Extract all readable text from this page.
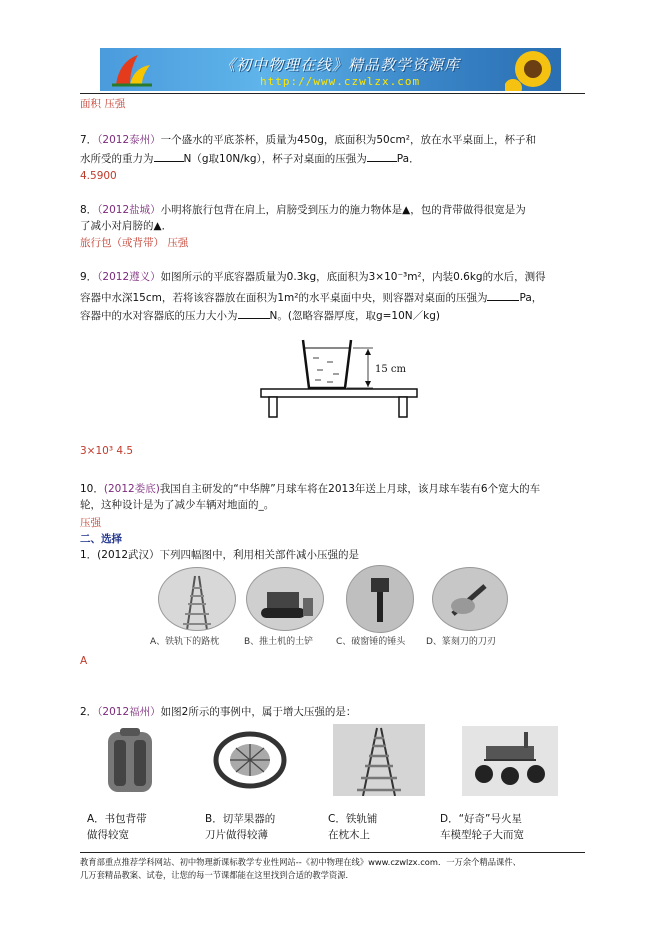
《初中物理在线》精品教学资源库
http://www.czwlzx.com
面积 压强
7．（2012泰州）一个盛水的平底茶杯，质量为450g，底面积为50cm²，放在水平桌面上，杯子和
水所受的重力为	N（g取10N/kg），杯子对桌面的压强为	Pa．
4.5900
8．（2012盐城）小明将旅行包背在肩上，肩膀受到压力的施力物体是▲，包的背带做得很宽是为
了减小对肩膀的▲．
旅行包（或背带） 压强
9．（2012遵义）如图所示的平底容器质量为0.3kg，底面积为3×10⁻³m²，内装0.6kg的水后，测得
容器中水深15cm，若将该容器放在面积为1m²的水平桌面中央，则容器对桌面的压强为	Pa，
容器中的水对容器底的压力大小为	N。(忽略容器厚度，取g=10N／kg)
15 cm
3×10³ 4.5
10．(2012娄底)我国自主研发的“中华牌”月球车将在2013年送上月球，该月球车装有6个宽大的车
轮，这种设计是为了减少车辆对地面的_。
压强
二、选择
1．(2012武汉）下列四幅图中，利用相关部件减小压强的是
A、铁轨下的路枕	B、推土机的土铲	C、破窗锤的锤头 D、篆刻刀的刀刃
A
2．（2012福州）如图2所示的事例中，属于增大压强的是：
A．书包背带
做得较宽
B．切苹果器的
刀片做得较薄
C．铁轨铺
在枕木上
D．“好奇”号火星
车模型轮子大而宽
教育部重点推荐学科网站、初中物理新课标教学专业性网站--《初中物理在线》www.czwlzx.com．一万余个精品课件、
几万套精品教案、试卷，让您的每一节课都能在这里找到合适的教学资源．
